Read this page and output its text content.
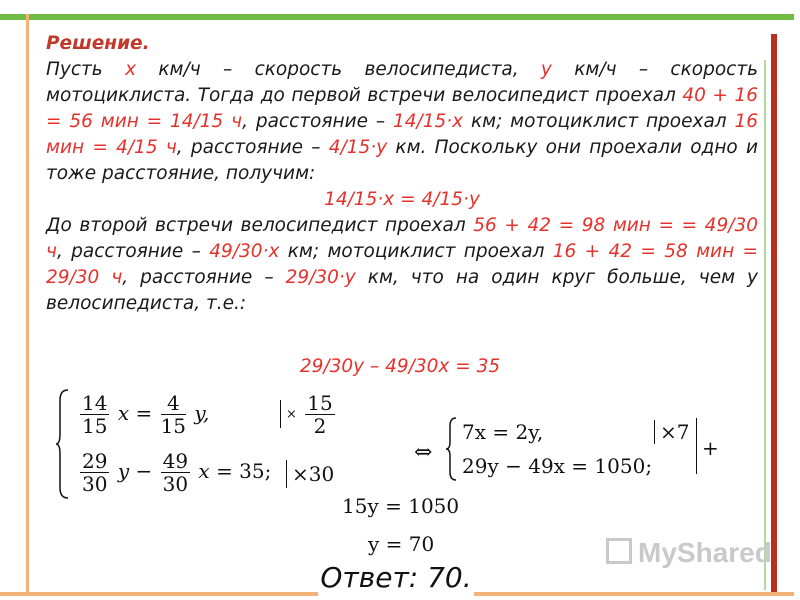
Решение.
Пусть x км/ч – скорость велосипедиста, y км/ч – скорость мотоциклиста. Тогда до первой встречи велосипедист проехал 40 + 16 = 56 мин = 14/15 ч, расстояние – 14/15·x км; мотоциклист проехал 16 мин = 4/15 ч, расстояние – 4/15·y км. Поскольку они проехали одно и тоже расстояние, получим:
14/15·x = 4/15·y
До второй встречи велосипедист проехал 56 + 42 = 98 мин = = 49/30 ч, расстояние – 49/30·x км; мотоциклист проехал 16 + 42 = 58 мин = 29/30 ч, расстояние – 29/30·y км, что на один круг больше, чем у велосипедиста, т.е.:
29/30y – 49/30x = 35
$\frac{14}{15}$ $x = \frac{4}{15} y$,	× $\frac{15}{2}$
$\frac{29}{30}$ $y - \frac{49}{30}$ x = 35; ×30
⇔
7x = 2y,	×7
29y − 49x = 1050;
+
15y = 1050
y = 70	MyShared
Ответ: 70.
